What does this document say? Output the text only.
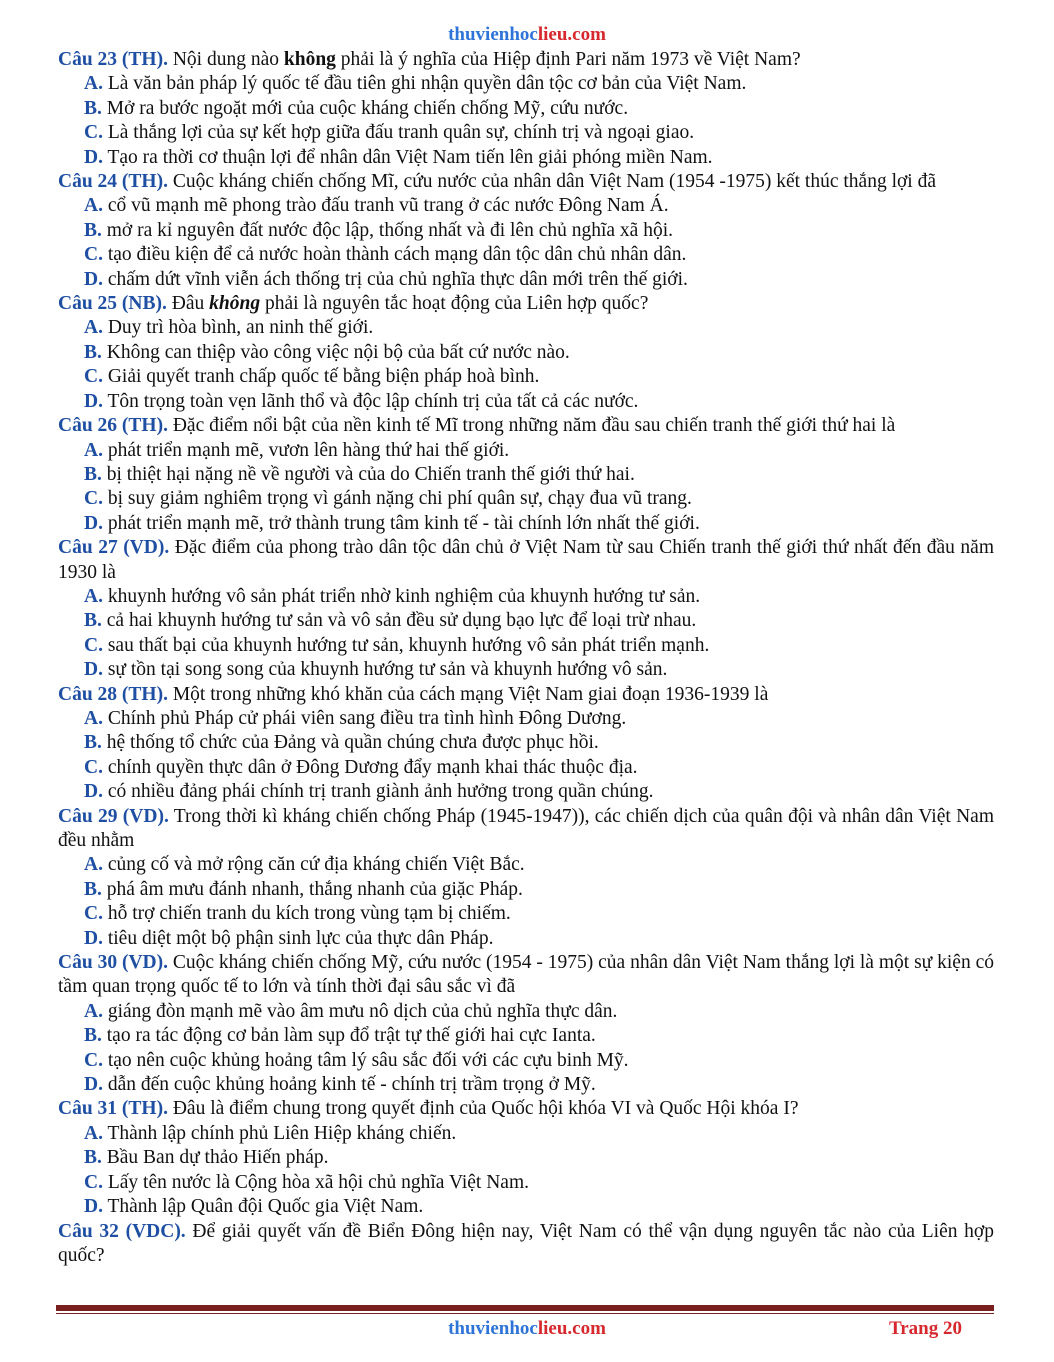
thuvienhoclieu.com

Câu 23 (TH). Nội dung nào không phải là ý nghĩa của Hiệp định Pari năm 1973 về Việt Nam?

A. Là văn bản pháp lý quốc tế đầu tiên ghi nhận quyền dân tộc cơ bản của Việt Nam.

B. Mở ra bước ngoặt mới của cuộc kháng chiến chống Mỹ, cứu nước.

C. Là thắng lợi của sự kết hợp giữa đấu tranh quân sự, chính trị và ngoại giao.

D. Tạo ra thời cơ thuận lợi để nhân dân Việt Nam tiến lên giải phóng miền Nam.

Câu 24 (TH). Cuộc kháng chiến chống Mĩ, cứu nước của nhân dân Việt Nam (1954 -1975) kết thúc thắng lợi đã

A. cổ vũ mạnh mẽ phong trào đấu tranh vũ trang ở các nước Đông Nam Á.

B. mở ra kỉ nguyên đất nước độc lập, thống nhất và đi lên chủ nghĩa xã hội.

C. tạo điều kiện để cả nước hoàn thành cách mạng dân tộc dân chủ nhân dân.

D. chấm dứt vĩnh viễn ách thống trị của chủ nghĩa thực dân mới trên thế giới.

Câu 25 (NB). Đâu không phải là nguyên tắc hoạt động của Liên hợp quốc?

A. Duy trì hòa bình, an ninh thế giới.

B. Không can thiệp vào công việc nội bộ của bất cứ nước nào.

C. Giải quyết tranh chấp quốc tế bằng biện pháp hoà bình.

D. Tôn trọng toàn vẹn lãnh thổ và độc lập chính trị của tất cả các nước.

Câu 26 (TH). Đặc điểm nổi bật của nền kinh tế Mĩ trong những năm đầu sau chiến tranh thế giới thứ hai là

A. phát triển mạnh mẽ, vươn lên hàng thứ hai thế giới.

B. bị thiệt hại nặng nề về người và của do Chiến tranh thế giới thứ hai.

C. bị suy giảm nghiêm trọng vì gánh nặng chi phí quân sự, chạy đua vũ trang.

D. phát triển mạnh mẽ, trở thành trung tâm kinh tế - tài chính lớn nhất thế giới.

Câu 27 (VD). Đặc điểm của phong trào dân tộc dân chủ ở Việt Nam từ sau Chiến tranh thế giới thứ nhất đến đầu năm 1930 là

A. khuynh hướng vô sản phát triển nhờ kinh nghiệm của khuynh hướng tư sản.

B. cả hai khuynh hướng tư sản và vô sản đều sử dụng bạo lực để loại trừ nhau.

C. sau thất bại của khuynh hướng tư sản, khuynh hướng vô sản phát triển mạnh.

D. sự tồn tại song song của khuynh hướng tư sản và khuynh hướng vô sản.

Câu 28 (TH). Một trong những khó khăn của cách mạng Việt Nam giai đoạn 1936-1939 là

A. Chính phủ Pháp cử phái viên sang điều tra tình hình Đông Dương.

B. hệ thống tổ chức của Đảng và quần chúng chưa được phục hồi.

C. chính quyền thực dân ở Đông Dương đẩy mạnh khai thác thuộc địa.

D. có nhiều đảng phái chính trị tranh giành ảnh hưởng trong quần chúng.

Câu 29 (VD). Trong thời kì kháng chiến chống Pháp (1945-1947)), các chiến dịch của quân đội và nhân dân Việt Nam đều nhằm

A. củng cố và mở rộng căn cứ địa kháng chiến Việt Bắc.

B. phá âm mưu đánh nhanh, thắng nhanh của giặc Pháp.

C. hỗ trợ chiến tranh du kích trong vùng tạm bị chiếm.

D. tiêu diệt một bộ phận sinh lực của thực dân Pháp.

Câu 30 (VD). Cuộc kháng chiến chống Mỹ, cứu nước (1954 - 1975) của nhân dân Việt Nam thắng lợi là một sự kiện có tầm quan trọng quốc tế to lớn và tính thời đại sâu sắc vì đã

A. giáng đòn mạnh mẽ vào âm mưu nô dịch của chủ nghĩa thực dân.

B. tạo ra tác động cơ bản làm sụp đổ trật tự thế giới hai cực Ianta.

C. tạo nên cuộc khủng hoảng tâm lý sâu sắc đối với các cựu binh Mỹ.

D. dẫn đến cuộc khủng hoảng kinh tế - chính trị trầm trọng ở Mỹ.

Câu 31 (TH). Đâu là điểm chung trong quyết định của Quốc hội khóa VI và Quốc Hội khóa I?

A. Thành lập chính phủ Liên Hiệp kháng chiến.

B. Bầu Ban dự thảo Hiến pháp.

C. Lấy tên nước là Cộng hòa xã hội chủ nghĩa Việt Nam.

D. Thành lập Quân đội Quốc gia Việt Nam.

Câu 32 (VDC). Để giải quyết vấn đề Biển Đông hiện nay, Việt Nam có thể vận dụng nguyên tắc nào của Liên hợp quốc?

thuvienhoclieu.com	Trang 20
